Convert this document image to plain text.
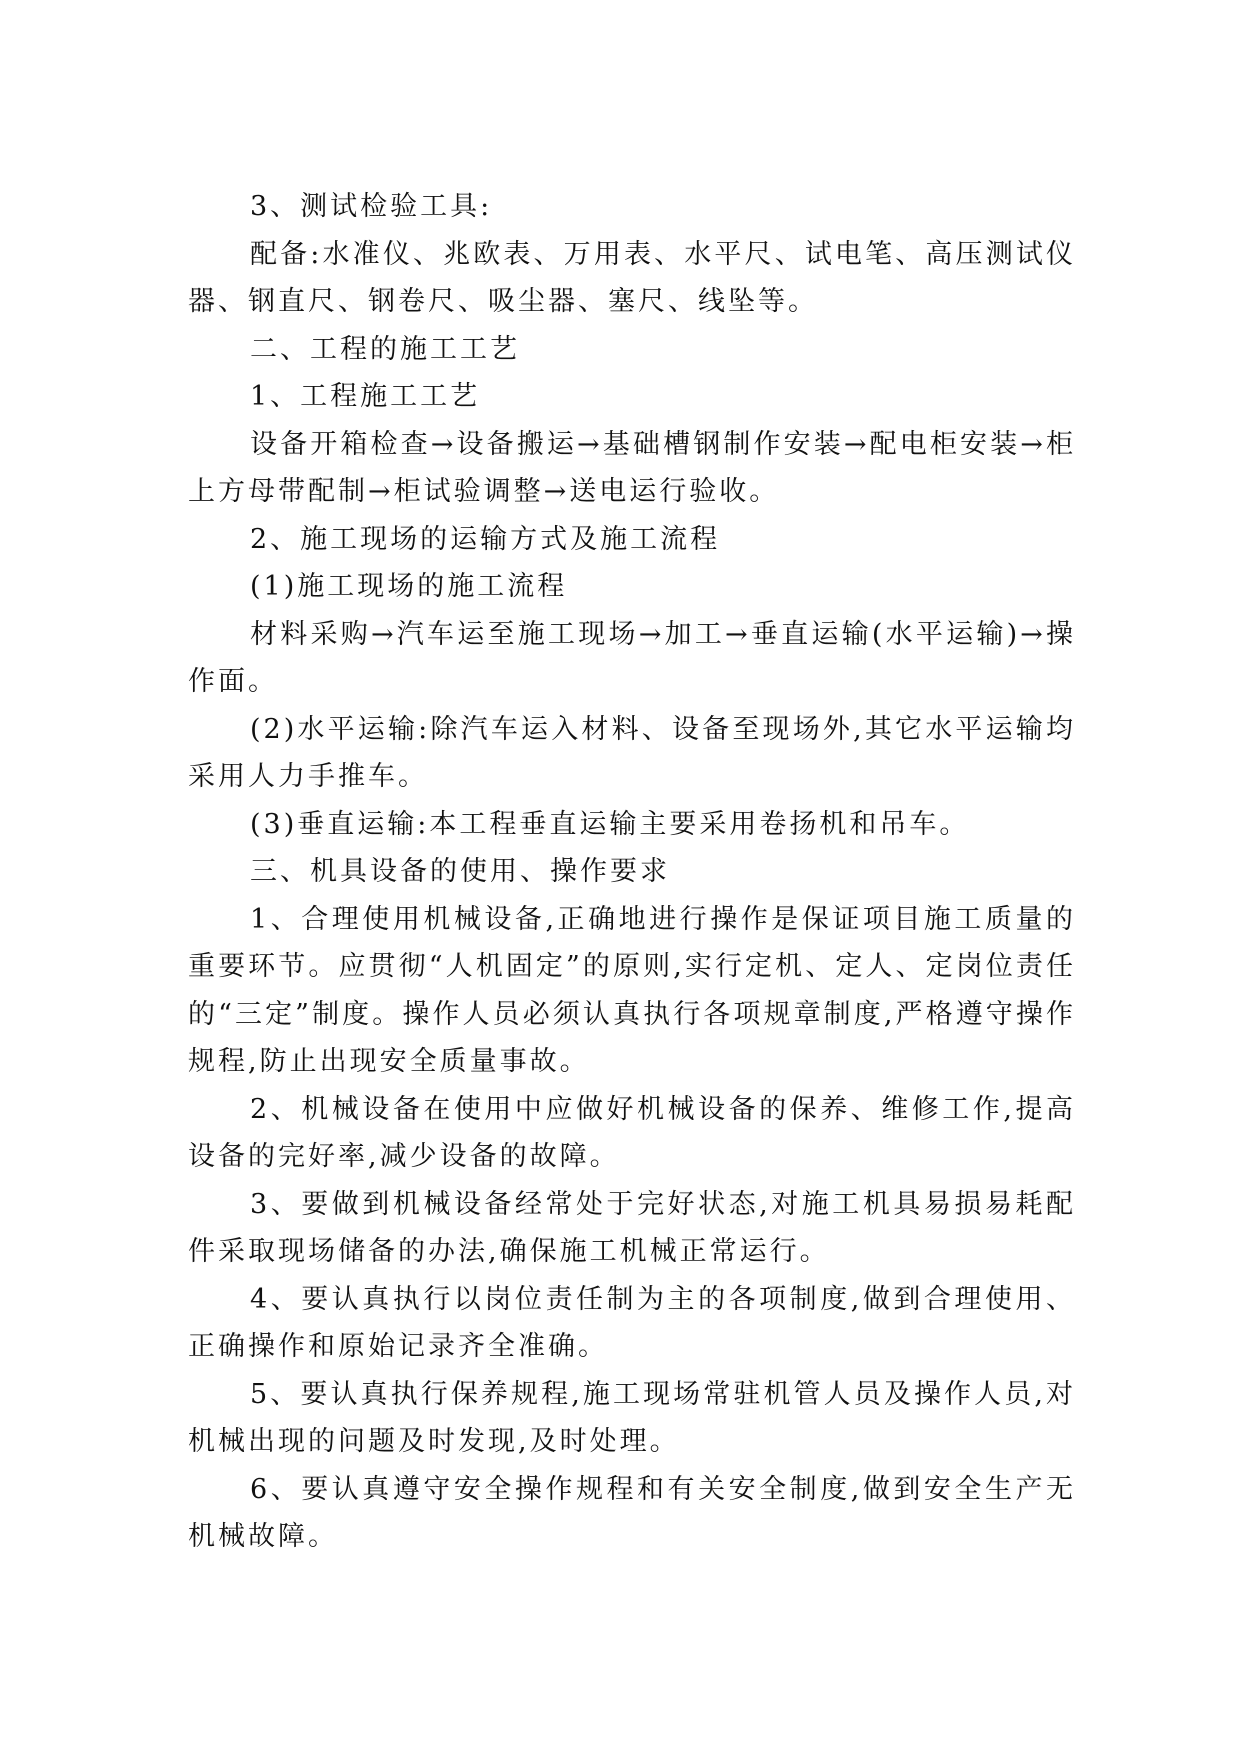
3、测试检验工具:

配备:水准仪、兆欧表、万用表、水平尺、试电笔、高压测试仪器、钢直尺、钢卷尺、吸尘器、塞尺、线坠等。

二、工程的施工工艺

1、工程施工工艺

设备开箱检查→设备搬运→基础槽钢制作安装→配电柜安装→柜上方母带配制→柜试验调整→送电运行验收。

2、施工现场的运输方式及施工流程

(1)施工现场的施工流程

材料采购→汽车运至施工现场→加工→垂直运输(水平运输)→操作面。

(2)水平运输:除汽车运入材料、设备至现场外,其它水平运输均采用人力手推车。

(3)垂直运输:本工程垂直运输主要采用卷扬机和吊车。

三、机具设备的使用、操作要求

1、合理使用机械设备,正确地进行操作是保证项目施工质量的重要环节。应贯彻“人机固定”的原则,实行定机、定人、定岗位责任的“三定”制度。操作人员必须认真执行各项规章制度,严格遵守操作规程,防止出现安全质量事故。

2、机械设备在使用中应做好机械设备的保养、维修工作,提高设备的完好率,减少设备的故障。

3、要做到机械设备经常处于完好状态,对施工机具易损易耗配件采取现场储备的办法,确保施工机械正常运行。

4、要认真执行以岗位责任制为主的各项制度,做到合理使用、正确操作和原始记录齐全准确。

5、要认真执行保养规程,施工现场常驻机管人员及操作人员,对机械出现的问题及时发现,及时处理。

6、要认真遵守安全操作规程和有关安全制度,做到安全生产无机械故障。
